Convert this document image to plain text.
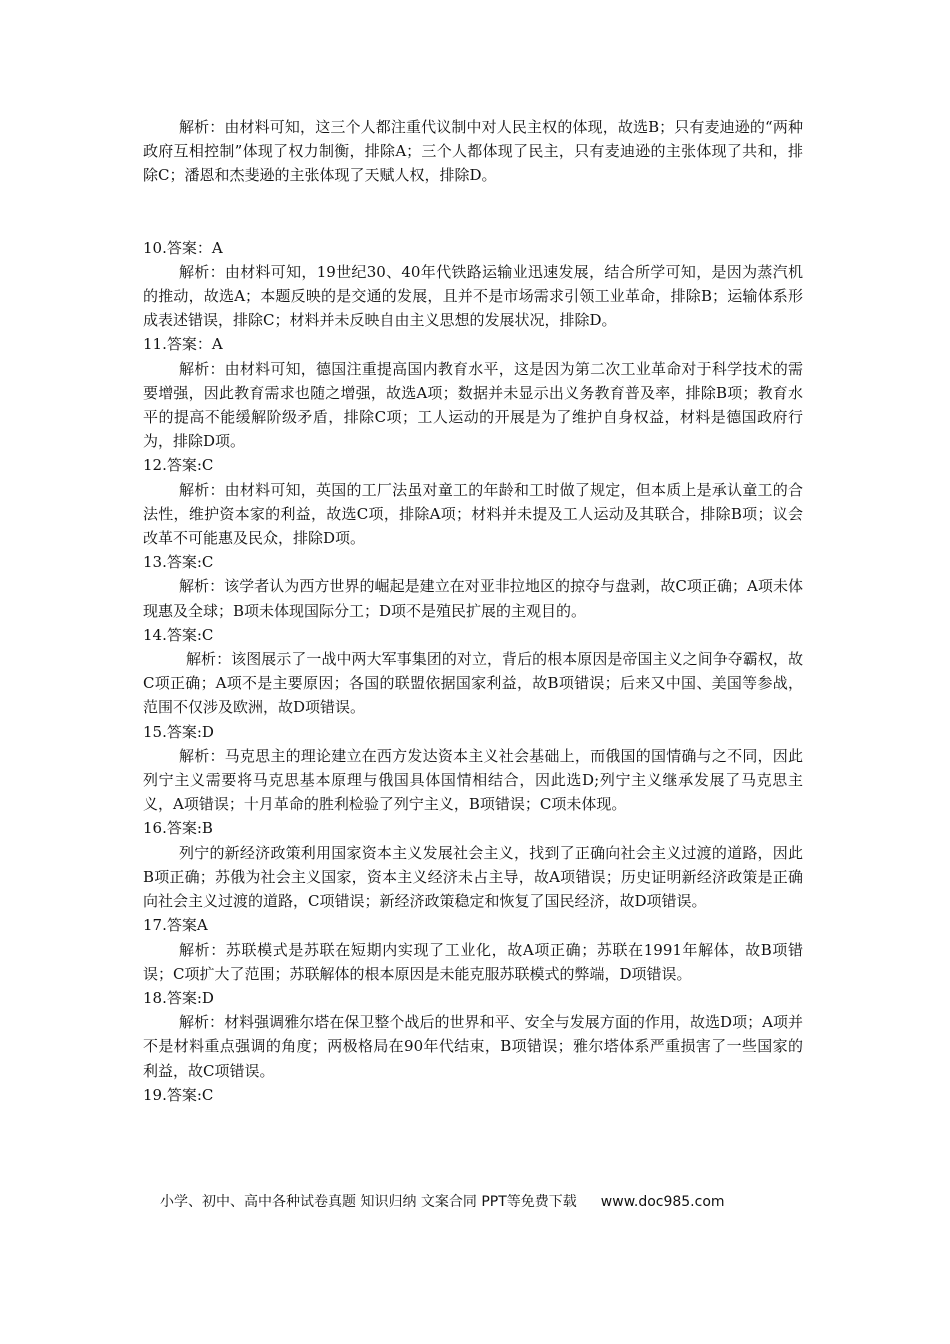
解析：由材料可知，这三个人都注重代议制中对人民主权的体现，故选B；只有麦迪逊的“两种政府互相控制”体现了权力制衡，排除A；三个人都体现了民主，只有麦迪逊的主张体现了共和，排除C；潘恩和杰斐逊的主张体现了天赋人权，排除D。

10.答案：A

解析：由材料可知，19世纪30、40年代铁路运输业迅速发展，结合所学可知，是因为蒸汽机的推动，故选A；本题反映的是交通的发展，且并不是市场需求引领工业革命，排除B；运输体系形成表述错误，排除C；材料并未反映自由主义思想的发展状况，排除D。

11.答案：A

解析：由材料可知，德国注重提高国内教育水平，这是因为第二次工业革命对于科学技术的需要增强，因此教育需求也随之增强，故选A项；数据并未显示出义务教育普及率，排除B项；教育水平的提高不能缓解阶级矛盾，排除C项；工人运动的开展是为了维护自身权益，材料是德国政府行为，排除D项。

12.答案:C

解析：由材料可知，英国的工厂法虽对童工的年龄和工时做了规定，但本质上是承认童工的合法性，维护资本家的利益，故选C项，排除A项；材料并未提及工人运动及其联合，排除B项；议会改革不可能惠及民众，排除D项。

13.答案:C

解析：该学者认为西方世界的崛起是建立在对亚非拉地区的掠夺与盘剥，故C项正确；A项未体现惠及全球；B项未体现国际分工；D项不是殖民扩展的主观目的。

14.答案:C

解析：该图展示了一战中两大军事集团的对立，背后的根本原因是帝国主义之间争夺霸权，故C项正确；A项不是主要原因；各国的联盟依据国家利益，故B项错误；后来又中国、美国等参战，范围不仅涉及欧洲，故D项错误。

15.答案:D

解析：马克思主的理论建立在西方发达资本主义社会基础上，而俄国的国情确与之不同，因此列宁主义需要将马克思基本原理与俄国具体国情相结合，因此选D;列宁主义继承发展了马克思主义，A项错误；十月革命的胜利检验了列宁主义，B项错误；C项未体现。

16.答案:B

列宁的新经济政策利用国家资本主义发展社会主义，找到了正确向社会主义过渡的道路，因此B项正确；苏俄为社会主义国家，资本主义经济未占主导，故A项错误；历史证明新经济政策是正确向社会主义过渡的道路，C项错误；新经济政策稳定和恢复了国民经济，故D项错误。

17.答案A

解析：苏联模式是苏联在短期内实现了工业化，故A项正确；苏联在1991年解体，故B项错误；C项扩大了范围；苏联解体的根本原因是未能克服苏联模式的弊端，D项错误。

18.答案:D

解析：材料强调雅尔塔在保卫整个战后的世界和平、安全与发展方面的作用，故选D项；A项并不是材料重点强调的角度；两极格局在90年代结束，B项错误；雅尔塔体系严重损害了一些国家的利益，故C项错误。

19.答案:C

小学、初中、高中各种试卷真题 知识归纳 文案合同 PPT等免费下载 www.doc985.com
